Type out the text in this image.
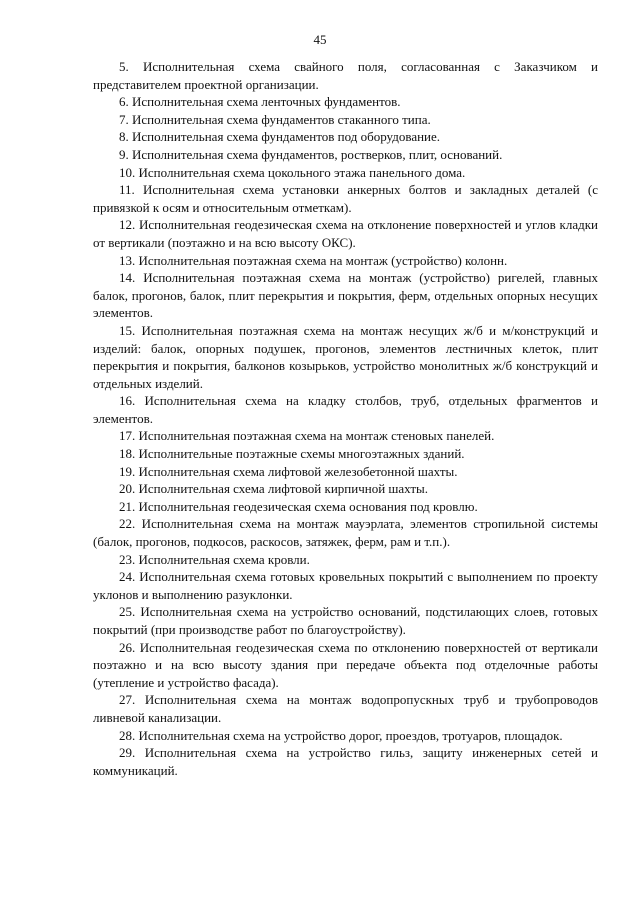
45

5. Исполнительная схема свайного поля, согласованная с Заказчиком и представителем проектной организации.

6. Исполнительная схема ленточных фундаментов.

7. Исполнительная схема фундаментов стаканного типа.

8. Исполнительная схема фундаментов под оборудование.

9. Исполнительная схема фундаментов, ростверков, плит, оснований.

10. Исполнительная схема цокольного этажа панельного дома.

11. Исполнительная схема установки анкерных болтов и закладных деталей (с привязкой к осям и относительным отметкам).

12. Исполнительная геодезическая схема на отклонение поверхностей и углов кладки от вертикали (поэтажно и на всю высоту ОКС).

13. Исполнительная поэтажная схема на монтаж (устройство) колонн.

14. Исполнительная поэтажная схема на монтаж (устройство) ригелей, главных балок, прогонов, балок, плит перекрытия и покрытия, ферм, отдельных опорных несущих элементов.

15. Исполнительная поэтажная схема на монтаж несущих ж/б и м/конструкций и изделий: балок, опорных подушек, прогонов, элементов лестничных клеток, плит перекрытия и покрытия, балконов козырьков, устройство монолитных ж/б конструкций и отдельных изделий.

16. Исполнительная схема на кладку столбов, труб, отдельных фрагментов и элементов.

17. Исполнительная поэтажная схема на монтаж стеновых панелей.

18. Исполнительные поэтажные схемы многоэтажных зданий.

19. Исполнительная схема лифтовой железобетонной шахты.

20. Исполнительная схема лифтовой кирпичной шахты.

21. Исполнительная геодезическая схема основания под кровлю.

22. Исполнительная схема на монтаж мауэрлата, элементов стропильной системы (балок, прогонов, подкосов, раскосов, затяжек, ферм, рам и т.п.).

23. Исполнительная схема кровли.

24. Исполнительная схема готовых кровельных покрытий с выполнением по проекту уклонов и выполнению разуклонки.

25. Исполнительная схема на устройство оснований, подстилающих слоев, готовых покрытий (при производстве работ по благоустройству).

26. Исполнительная геодезическая схема по отклонению поверхностей от вертикали поэтажно и на всю высоту здания при передаче объекта под отделочные работы (утепление и устройство фасада).

27. Исполнительная схема на монтаж водопропускных труб и трубопроводов ливневой канализации.

28. Исполнительная схема на устройство дорог, проездов, тротуаров, площадок.

29. Исполнительная схема на устройство гильз, защиту инженерных сетей и коммуникаций.
